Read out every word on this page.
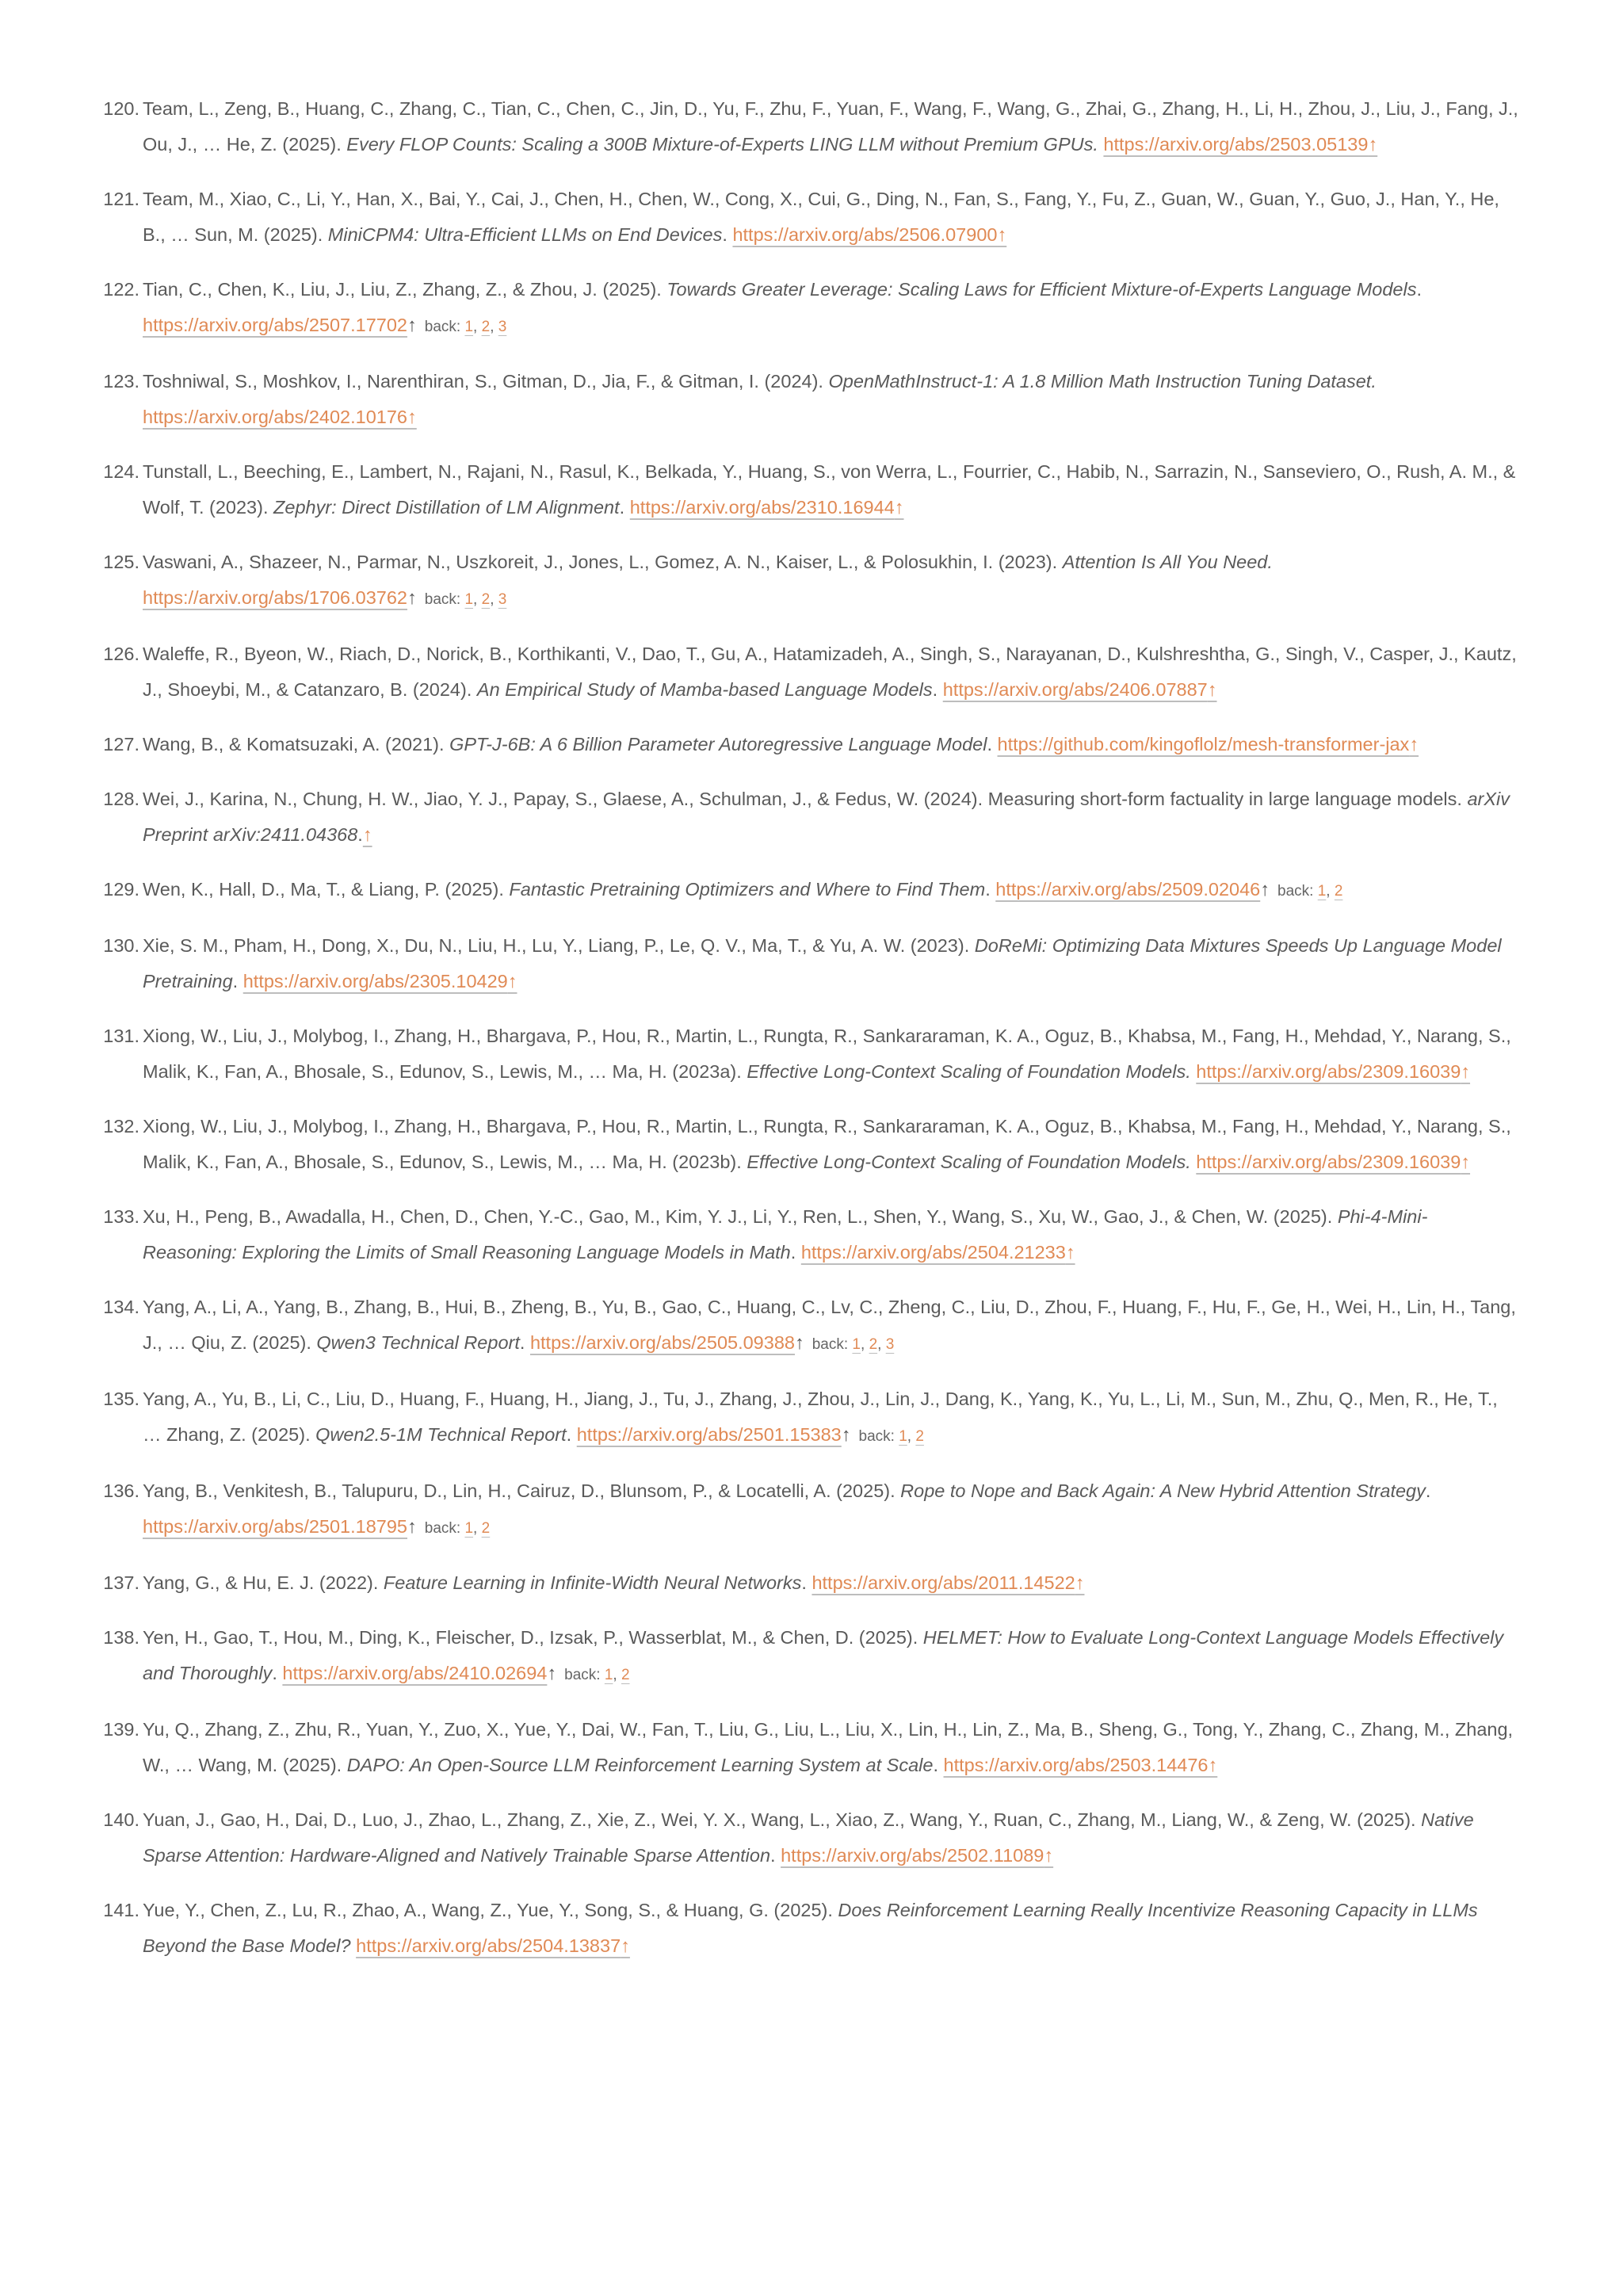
120. Team, L., Zeng, B., Huang, C., Zhang, C., Tian, C., Chen, C., Jin, D., Yu, F., Zhu, F., Yuan, F., Wang, F., Wang, G., Zhai, G., Zhang, H., Li, H., Zhou, J., Liu, J., Fang, J., Ou, J., … He, Z. (2025). Every FLOP Counts: Scaling a 300B Mixture-of-Experts LING LLM without Premium GPUs. https://arxiv.org/abs/2503.05139↑
121. Team, M., Xiao, C., Li, Y., Han, X., Bai, Y., Cai, J., Chen, H., Chen, W., Cong, X., Cui, G., Ding, N., Fan, S., Fang, Y., Fu, Z., Guan, W., Guan, Y., Guo, J., Han, Y., He, B., … Sun, M. (2025). MiniCPM4: Ultra-Efficient LLMs on End Devices. https://arxiv.org/abs/2506.07900↑
122. Tian, C., Chen, K., Liu, J., Liu, Z., Zhang, Z., & Zhou, J. (2025). Towards Greater Leverage: Scaling Laws for Efficient Mixture-of-Experts Language Models. https://arxiv.org/abs/2507.17702↑ back: 1, 2, 3
123. Toshniwal, S., Moshkov, I., Narenthiran, S., Gitman, D., Jia, F., & Gitman, I. (2024). OpenMathInstruct-1: A 1.8 Million Math Instruction Tuning Dataset. https://arxiv.org/abs/2402.10176↑
124. Tunstall, L., Beeching, E., Lambert, N., Rajani, N., Rasul, K., Belkada, Y., Huang, S., von Werra, L., Fourrier, C., Habib, N., Sarrazin, N., Sanseviero, O., Rush, A. M., & Wolf, T. (2023). Zephyr: Direct Distillation of LM Alignment. https://arxiv.org/abs/2310.16944↑
125. Vaswani, A., Shazeer, N., Parmar, N., Uszkoreit, J., Jones, L., Gomez, A. N., Kaiser, L., & Polosukhin, I. (2023). Attention Is All You Need. https://arxiv.org/abs/1706.03762↑ back: 1, 2, 3
126. Waleffe, R., Byeon, W., Riach, D., Norick, B., Korthikanti, V., Dao, T., Gu, A., Hatamizadeh, A., Singh, S., Narayanan, D., Kulshreshtha, G., Singh, V., Casper, J., Kautz, J., Shoeybi, M., & Catanzaro, B. (2024). An Empirical Study of Mamba-based Language Models. https://arxiv.org/abs/2406.07887↑
127. Wang, B., & Komatsuzaki, A. (2021). GPT-J-6B: A 6 Billion Parameter Autoregressive Language Model. https://github.com/kingoflolz/mesh-transformer-jax↑
128. Wei, J., Karina, N., Chung, H. W., Jiao, Y. J., Papay, S., Glaese, A., Schulman, J., & Fedus, W. (2024). Measuring short-form factuality in large language models. arXiv Preprint arXiv:2411.04368.↑
129. Wen, K., Hall, D., Ma, T., & Liang, P. (2025). Fantastic Pretraining Optimizers and Where to Find Them. https://arxiv.org/abs/2509.02046↑ back: 1, 2
130. Xie, S. M., Pham, H., Dong, X., Du, N., Liu, H., Lu, Y., Liang, P., Le, Q. V., Ma, T., & Yu, A. W. (2023). DoReMi: Optimizing Data Mixtures Speeds Up Language Model Pretraining. https://arxiv.org/abs/2305.10429↑
131. Xiong, W., Liu, J., Molybog, I., Zhang, H., Bhargava, P., Hou, R., Martin, L., Rungta, R., Sankararaman, K. A., Oguz, B., Khabsa, M., Fang, H., Mehdad, Y., Narang, S., Malik, K., Fan, A., Bhosale, S., Edunov, S., Lewis, M., … Ma, H. (2023a). Effective Long-Context Scaling of Foundation Models. https://arxiv.org/abs/2309.16039↑
132. Xiong, W., Liu, J., Molybog, I., Zhang, H., Bhargava, P., Hou, R., Martin, L., Rungta, R., Sankararaman, K. A., Oguz, B., Khabsa, M., Fang, H., Mehdad, Y., Narang, S., Malik, K., Fan, A., Bhosale, S., Edunov, S., Lewis, M., … Ma, H. (2023b). Effective Long-Context Scaling of Foundation Models. https://arxiv.org/abs/2309.16039↑
133. Xu, H., Peng, B., Awadalla, H., Chen, D., Chen, Y.-C., Gao, M., Kim, Y. J., Li, Y., Ren, L., Shen, Y., Wang, S., Xu, W., Gao, J., & Chen, W. (2025). Phi-4-Mini-Reasoning: Exploring the Limits of Small Reasoning Language Models in Math. https://arxiv.org/abs/2504.21233↑
134. Yang, A., Li, A., Yang, B., Zhang, B., Hui, B., Zheng, B., Yu, B., Gao, C., Huang, C., Lv, C., Zheng, C., Liu, D., Zhou, F., Huang, F., Hu, F., Ge, H., Wei, H., Lin, H., Tang, J., … Qiu, Z. (2025). Qwen3 Technical Report. https://arxiv.org/abs/2505.09388↑ back: 1, 2, 3
135. Yang, A., Yu, B., Li, C., Liu, D., Huang, F., Huang, H., Jiang, J., Tu, J., Zhang, J., Zhou, J., Lin, J., Dang, K., Yang, K., Yu, L., Li, M., Sun, M., Zhu, Q., Men, R., He, T., … Zhang, Z. (2025). Qwen2.5-1M Technical Report. https://arxiv.org/abs/2501.15383↑ back: 1, 2
136. Yang, B., Venkitesh, B., Talupuru, D., Lin, H., Cairuz, D., Blunsom, P., & Locatelli, A. (2025). Rope to Nope and Back Again: A New Hybrid Attention Strategy. https://arxiv.org/abs/2501.18795↑ back: 1, 2
137. Yang, G., & Hu, E. J. (2022). Feature Learning in Infinite-Width Neural Networks. https://arxiv.org/abs/2011.14522↑
138. Yen, H., Gao, T., Hou, M., Ding, K., Fleischer, D., Izsak, P., Wasserblat, M., & Chen, D. (2025). HELMET: How to Evaluate Long-Context Language Models Effectively and Thoroughly. https://arxiv.org/abs/2410.02694↑ back: 1, 2
139. Yu, Q., Zhang, Z., Zhu, R., Yuan, Y., Zuo, X., Yue, Y., Dai, W., Fan, T., Liu, G., Liu, L., Liu, X., Lin, H., Lin, Z., Ma, B., Sheng, G., Tong, Y., Zhang, C., Zhang, M., Zhang, W., … Wang, M. (2025). DAPO: An Open-Source LLM Reinforcement Learning System at Scale. https://arxiv.org/abs/2503.14476↑
140. Yuan, J., Gao, H., Dai, D., Luo, J., Zhao, L., Zhang, Z., Xie, Z., Wei, Y. X., Wang, L., Xiao, Z., Wang, Y., Ruan, C., Zhang, M., Liang, W., & Zeng, W. (2025). Native Sparse Attention: Hardware-Aligned and Natively Trainable Sparse Attention. https://arxiv.org/abs/2502.11089↑
141. Yue, Y., Chen, Z., Lu, R., Zhao, A., Wang, Z., Yue, Y., Song, S., & Huang, G. (2025). Does Reinforcement Learning Really Incentivize Reasoning Capacity in LLMs Beyond the Base Model? https://arxiv.org/abs/2504.13837↑
